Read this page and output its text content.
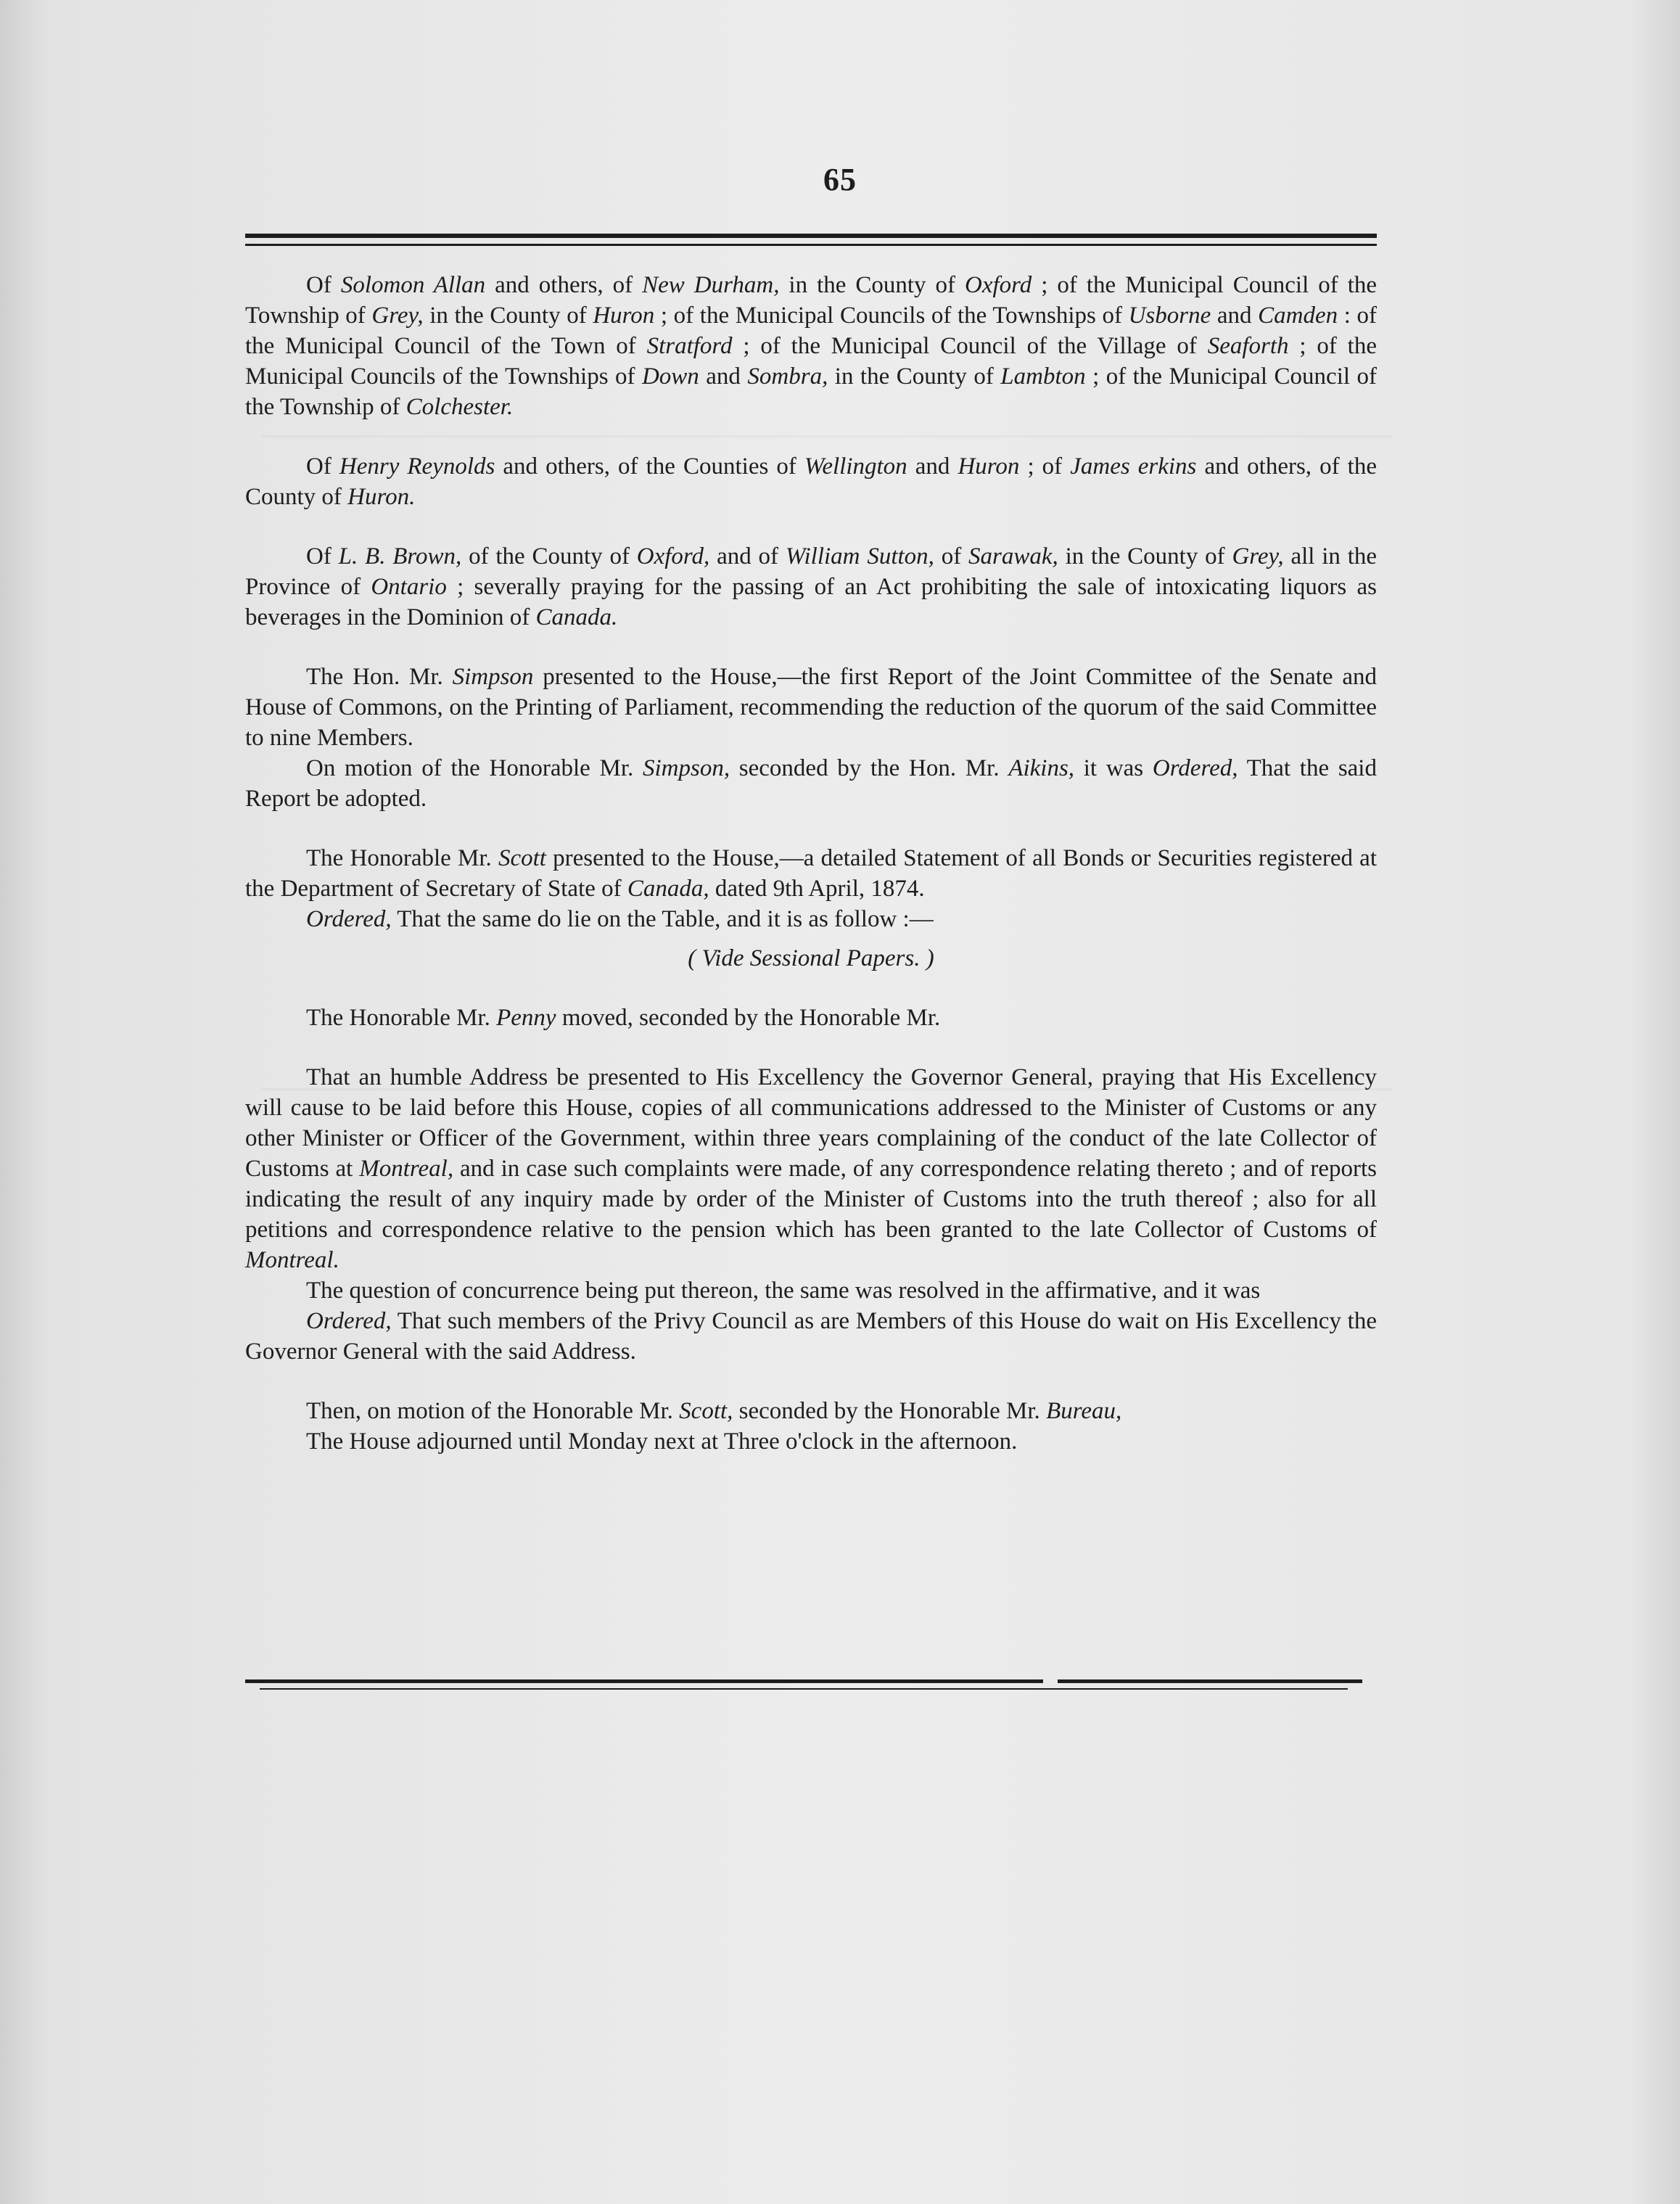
65

Of Solomon Allan and others, of New Durham, in the County of Oxford ; of the Municipal Council of the Township of Grey, in the County of Huron ; of the Municipal Councils of the Townships of Usborne and Camden : of the Municipal Council of the Town of Stratford ; of the Municipal Council of the Village of Seaforth ; of the Municipal Councils of the Townships of Down and Sombra, in the County of Lambton ; of the Municipal Council of the Township of Colchester.

Of Henry Reynolds and others, of the Counties of Wellington and Huron ; of James erkins and others, of the County of Huron.

Of L. B. Brown, of the County of Oxford, and of William Sutton, of Sarawak, in the County of Grey, all in the Province of Ontario ; severally praying for the passing of an Act prohibiting the sale of intoxicating liquors as beverages in the Dominion of Canada.

The Hon. Mr. Simpson presented to the House,—the first Report of the Joint Committee of the Senate and House of Commons, on the Printing of Parliament, recommending the reduction of the quorum of the said Committee to nine Members.

On motion of the Honorable Mr. Simpson, seconded by the Hon. Mr. Aikins, it was Ordered, That the said Report be adopted.

The Honorable Mr. Scott presented to the House,—a detailed Statement of all Bonds or Securities registered at the Department of Secretary of State of Canada, dated 9th April, 1874.

Ordered, That the same do lie on the Table, and it is as follow :—

( Vide Sessional Papers. )

The Honorable Mr. Penny moved, seconded by the Honorable Mr.

That an humble Address be presented to His Excellency the Governor General, praying that His Excellency will cause to be laid before this House, copies of all communications addressed to the Minister of Customs or any other Minister or Officer of the Government, within three years complaining of the conduct of the late Collector of Customs at Montreal, and in case such complaints were made, of any correspondence relating thereto ; and of reports indicating the result of any inquiry made by order of the Minister of Customs into the truth thereof ; also for all petitions and correspondence relative to the pension which has been granted to the late Collector of Customs of Montreal.

The question of concurrence being put thereon, the same was resolved in the affirmative, and it was

Ordered, That such members of the Privy Council as are Members of this House do wait on His Excellency the Governor General with the said Address.

Then, on motion of the Honorable Mr. Scott, seconded by the Honorable Mr. Bureau,

The House adjourned until Monday next at Three o'clock in the afternoon.
